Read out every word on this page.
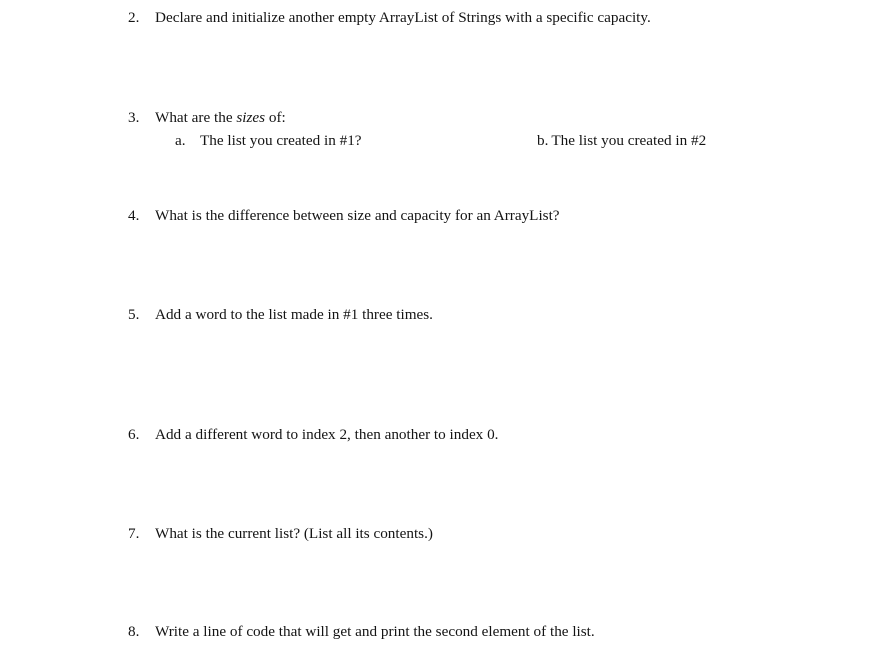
2. Declare and initialize another empty ArrayList of Strings with a specific capacity.
3. What are the sizes of:
a. The list you created in #1?	b. The list you created in #2
4. What is the difference between size and capacity for an ArrayList?
5. Add a word to the list made in #1 three times.
6. Add a different word to index 2, then another to index 0.
7. What is the current list? (List all its contents.)
8. Write a line of code that will get and print the second element of the list.
